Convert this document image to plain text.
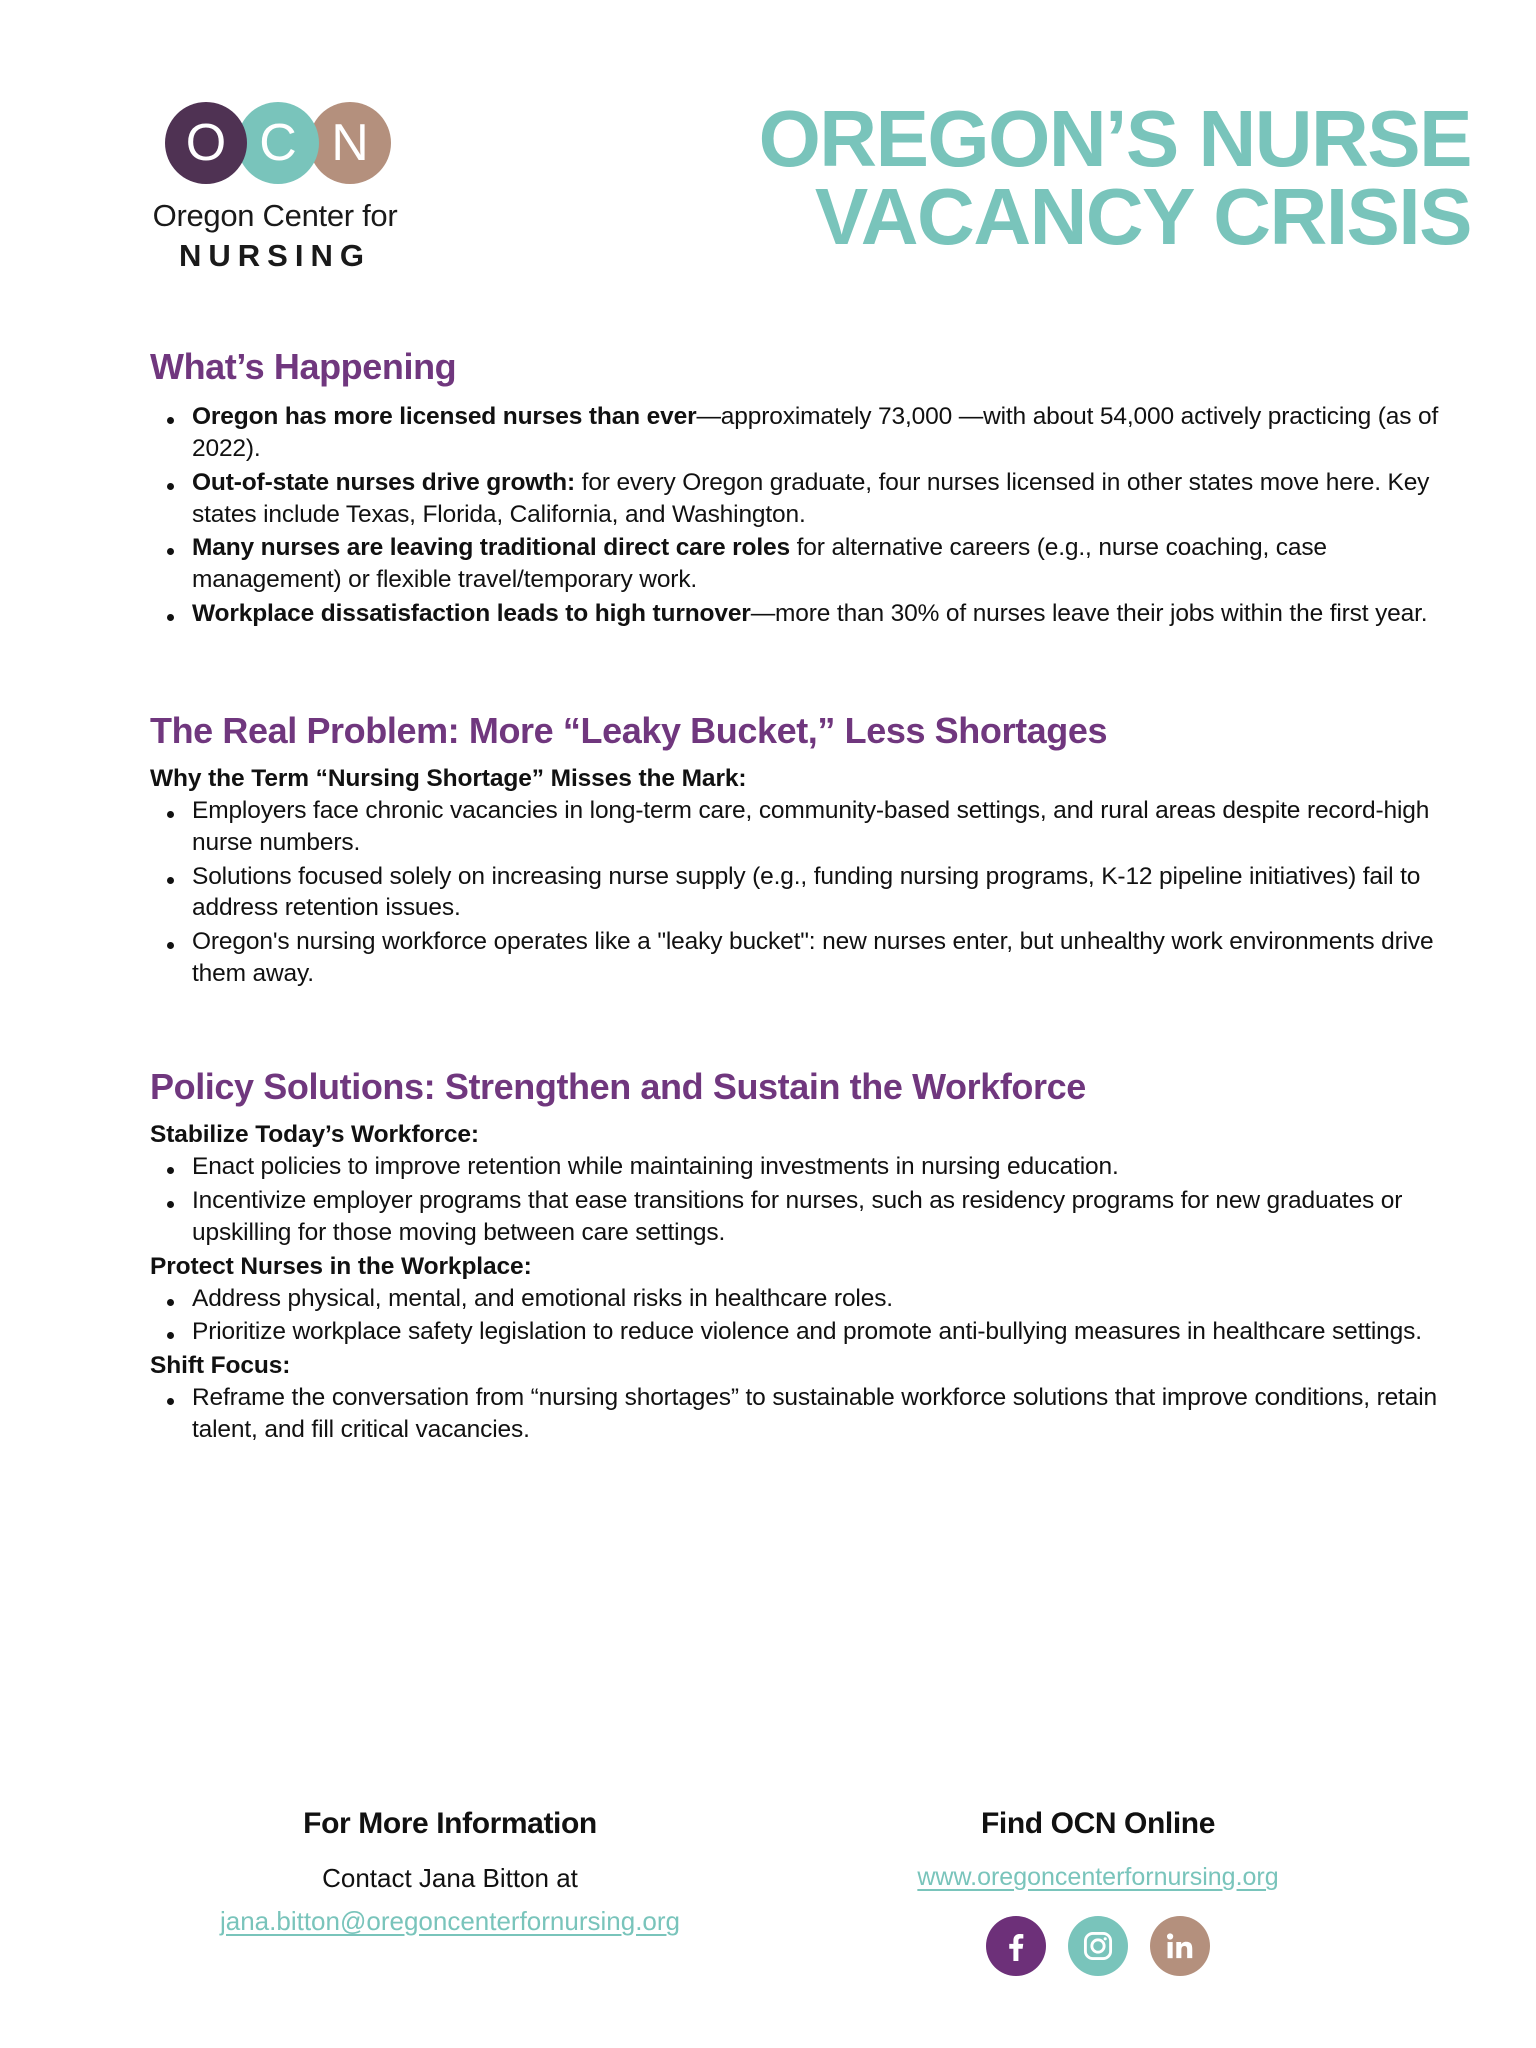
O C N
Oregon Center for
NURSING
OREGON’S NURSE
VACANCY CRISIS
What’s Happening
Oregon has more licensed nurses than ever—approximately 73,000 —with about 54,000 actively practicing (as of 2022).
Out-of-state nurses drive growth: for every Oregon graduate, four nurses licensed in other states move here. Key states include Texas, Florida, California, and Washington.
Many nurses are leaving traditional direct care roles for alternative careers (e.g., nurse coaching, case management) or flexible travel/temporary work.
Workplace dissatisfaction leads to high turnover—more than 30% of nurses leave their jobs within the first year.
The Real Problem: More “Leaky Bucket,” Less Shortages
Why the Term “Nursing Shortage” Misses the Mark:
Employers face chronic vacancies in long-term care, community-based settings, and rural areas despite record-high nurse numbers.
Solutions focused solely on increasing nurse supply (e.g., funding nursing programs, K-12 pipeline initiatives) fail to address retention issues.
Oregon's nursing workforce operates like a "leaky bucket": new nurses enter, but unhealthy work environments drive them away.
Policy Solutions: Strengthen and Sustain the Workforce
Stabilize Today’s Workforce:
Enact policies to improve retention while maintaining investments in nursing education.
Incentivize employer programs that ease transitions for nurses, such as residency programs for new graduates or upskilling for those moving between care settings.
Protect Nurses in the Workplace:
Address physical, mental, and emotional risks in healthcare roles.
Prioritize workplace safety legislation to reduce violence and promote anti-bullying measures in healthcare settings.
Shift Focus:
Reframe the conversation from “nursing shortages” to sustainable workforce solutions that improve conditions, retain talent, and fill critical vacancies.
For More Information
Contact Jana Bitton at
jana.bitton@oregoncenterfornursing.org
Find OCN Online
www.oregoncenterfornursing.org
